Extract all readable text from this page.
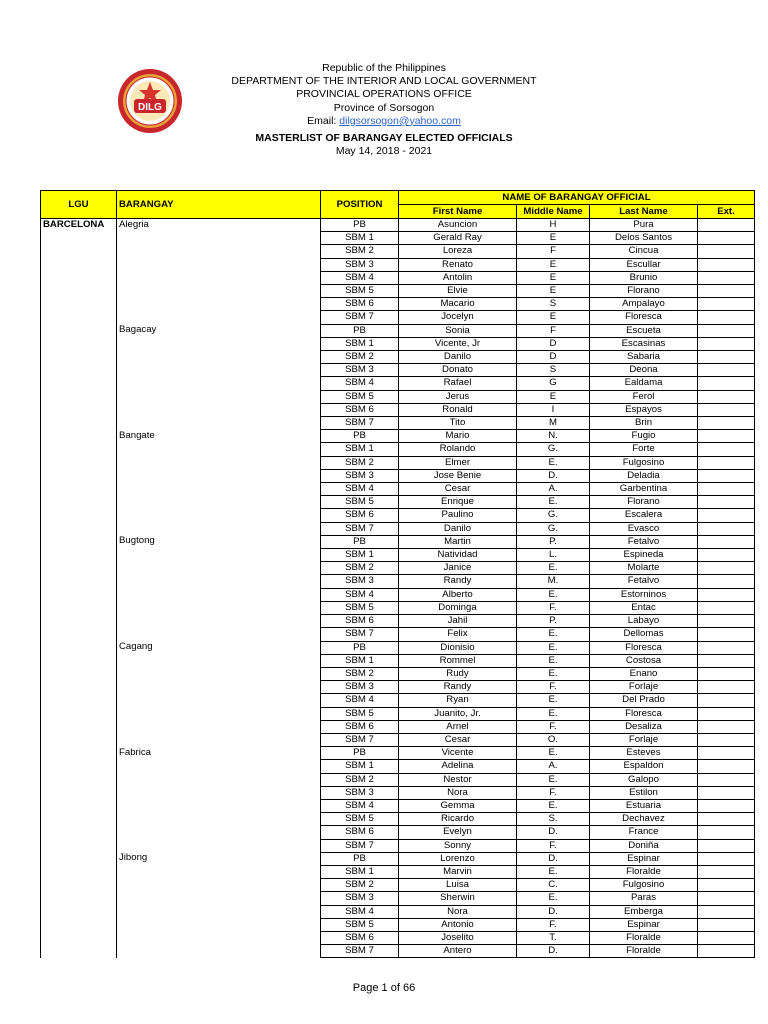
DILG
Republic of the Philippines
DEPARTMENT OF THE INTERIOR AND LOCAL GOVERNMENT
PROVINCIAL OPERATIONS OFFICE
Province of Sorsogon
Email: dilgsorsogon@yahoo.com
MASTERLIST OF BARANGAY ELECTED OFFICIALS
May 14, 2018 - 2021
LGU	BARANGAY	POSITION	NAME OF BARANGAY OFFICIAL			
			First Name	Middle Name	Last Name	Ext.
BARCELONA	Alegria	PB	Asuncion	H	Pura	
		SBM 1	Gerald Ray	E	Delos Santos	
		SBM 2	Loreza	F	Cincua	
		SBM 3	Renato	E	Escullar	
		SBM 4	Antolin	E	Brunio	
		SBM 5	Elvie	E	Florano	
		SBM 6	Macario	S	Ampalayo	
		SBM 7	Jocelyn	E	Floresca	
	Bagacay	PB	Sonia	F	Escueta	
		SBM 1	Vicente, Jr	D	Escasinas	
		SBM 2	Danilo	D	Sabaria	
		SBM 3	Donato	S	Deona	
		SBM 4	Rafael	G	Ealdama	
		SBM 5	Jerus	E	Ferol	
		SBM 6	Ronald	I	Espayos	
		SBM 7	Tito	M	Brin	
	Bangate	PB	Mario	N.	Fugio	
		SBM 1	Rolando	G.	Forte	
		SBM 2	Elmer	E.	Fulgosino	
		SBM 3	Jose Benie	D.	Deladia	
		SBM 4	Cesar	A.	Garbentina	
		SBM 5	Enrique	E.	Florano	
		SBM 6	Paulino	G.	Escalera	
		SBM 7	Danilo	G.	Evasco	
	Bugtong	PB	Martin	P.	Fetalvo	
		SBM 1	Natividad	L.	Espineda	
		SBM 2	Janice	E.	Molarte	
		SBM 3	Randy	M.	Fetalvo	
		SBM 4	Alberto	E.	Estorninos	
		SBM 5	Dominga	F.	Entac	
		SBM 6	Jahil	P.	Labayo	
		SBM 7	Felix	E.	Dellomas	
	Cagang	PB	Dionisio	E.	Floresca	
		SBM 1	Rommel	E.	Costosa	
		SBM 2	Rudy	E.	Enano	
		SBM 3	Randy	F.	Forlaje	
		SBM 4	Ryan	E.	Del Prado	
		SBM 5	Juanito, Jr.	E.	Floresca	
		SBM 6	Arnel	F.	Desaliza	
		SBM 7	Cesar	O.	Forlaje	
	Fabrica	PB	Vicente	E.	Esteves	
		SBM 1	Adelina	A.	Espaldon	
		SBM 2	Nestor	E.	Galopo	
		SBM 3	Nora	F.	Estilon	
		SBM 4	Gemma	E.	Estuaria	
		SBM 5	Ricardo	S.	Dechavez	
		SBM 6	Evelyn	D.	France	
		SBM 7	Sonny	F.	Doniña	
	Jibong	PB	Lorenzo	D.	Espinar	
		SBM 1	Marvin	E.	Floralde	
		SBM 2	Luisa	C.	Fulgosino	
		SBM 3	Sherwin	E.	Paras	
		SBM 4	Nora	D.	Emberga	
		SBM 5	Antonio	F.	Espinar	
		SBM 6	Joselito	T.	Floralde	
		SBM 7	Antero	D.	Floralde	
Page 1 of 66
